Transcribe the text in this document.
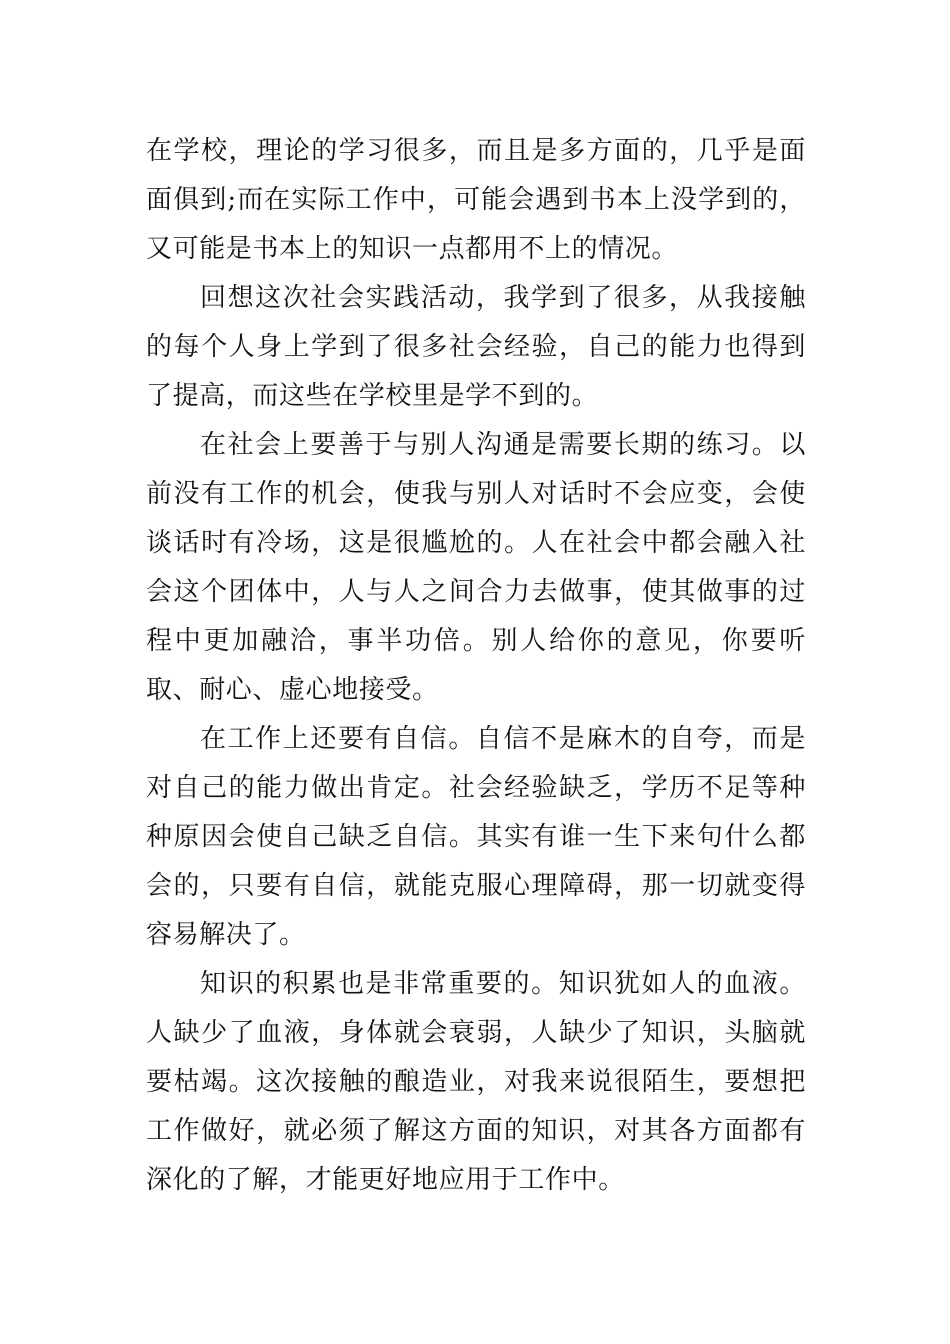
在学校，理论的学习很多，而且是多方面的，几乎是面面俱到;而在实际工作中，可能会遇到书本上没学到的，又可能是书本上的知识一点都用不上的情况。

回想这次社会实践活动，我学到了很多，从我接触的每个人身上学到了很多社会经验，自己的能力也得到了提高，而这些在学校里是学不到的。

在社会上要善于与别人沟通是需要长期的练习。以前没有工作的机会，使我与别人对话时不会应变，会使谈话时有冷场，这是很尴尬的。人在社会中都会融入社会这个团体中，人与人之间合力去做事，使其做事的过程中更加融洽，事半功倍。别人给你的意见，你要听取、耐心、虚心地接受。

在工作上还要有自信。自信不是麻木的自夸，而是对自己的能力做出肯定。社会经验缺乏，学历不足等种种原因会使自己缺乏自信。其实有谁一生下来句什么都会的，只要有自信，就能克服心理障碍，那一切就变得容易解决了。

知识的积累也是非常重要的。知识犹如人的血液。人缺少了血液，身体就会衰弱，人缺少了知识，头脑就要枯竭。这次接触的酿造业，对我来说很陌生，要想把工作做好，就必须了解这方面的知识，对其各方面都有深化的了解，才能更好地应用于工作中。
